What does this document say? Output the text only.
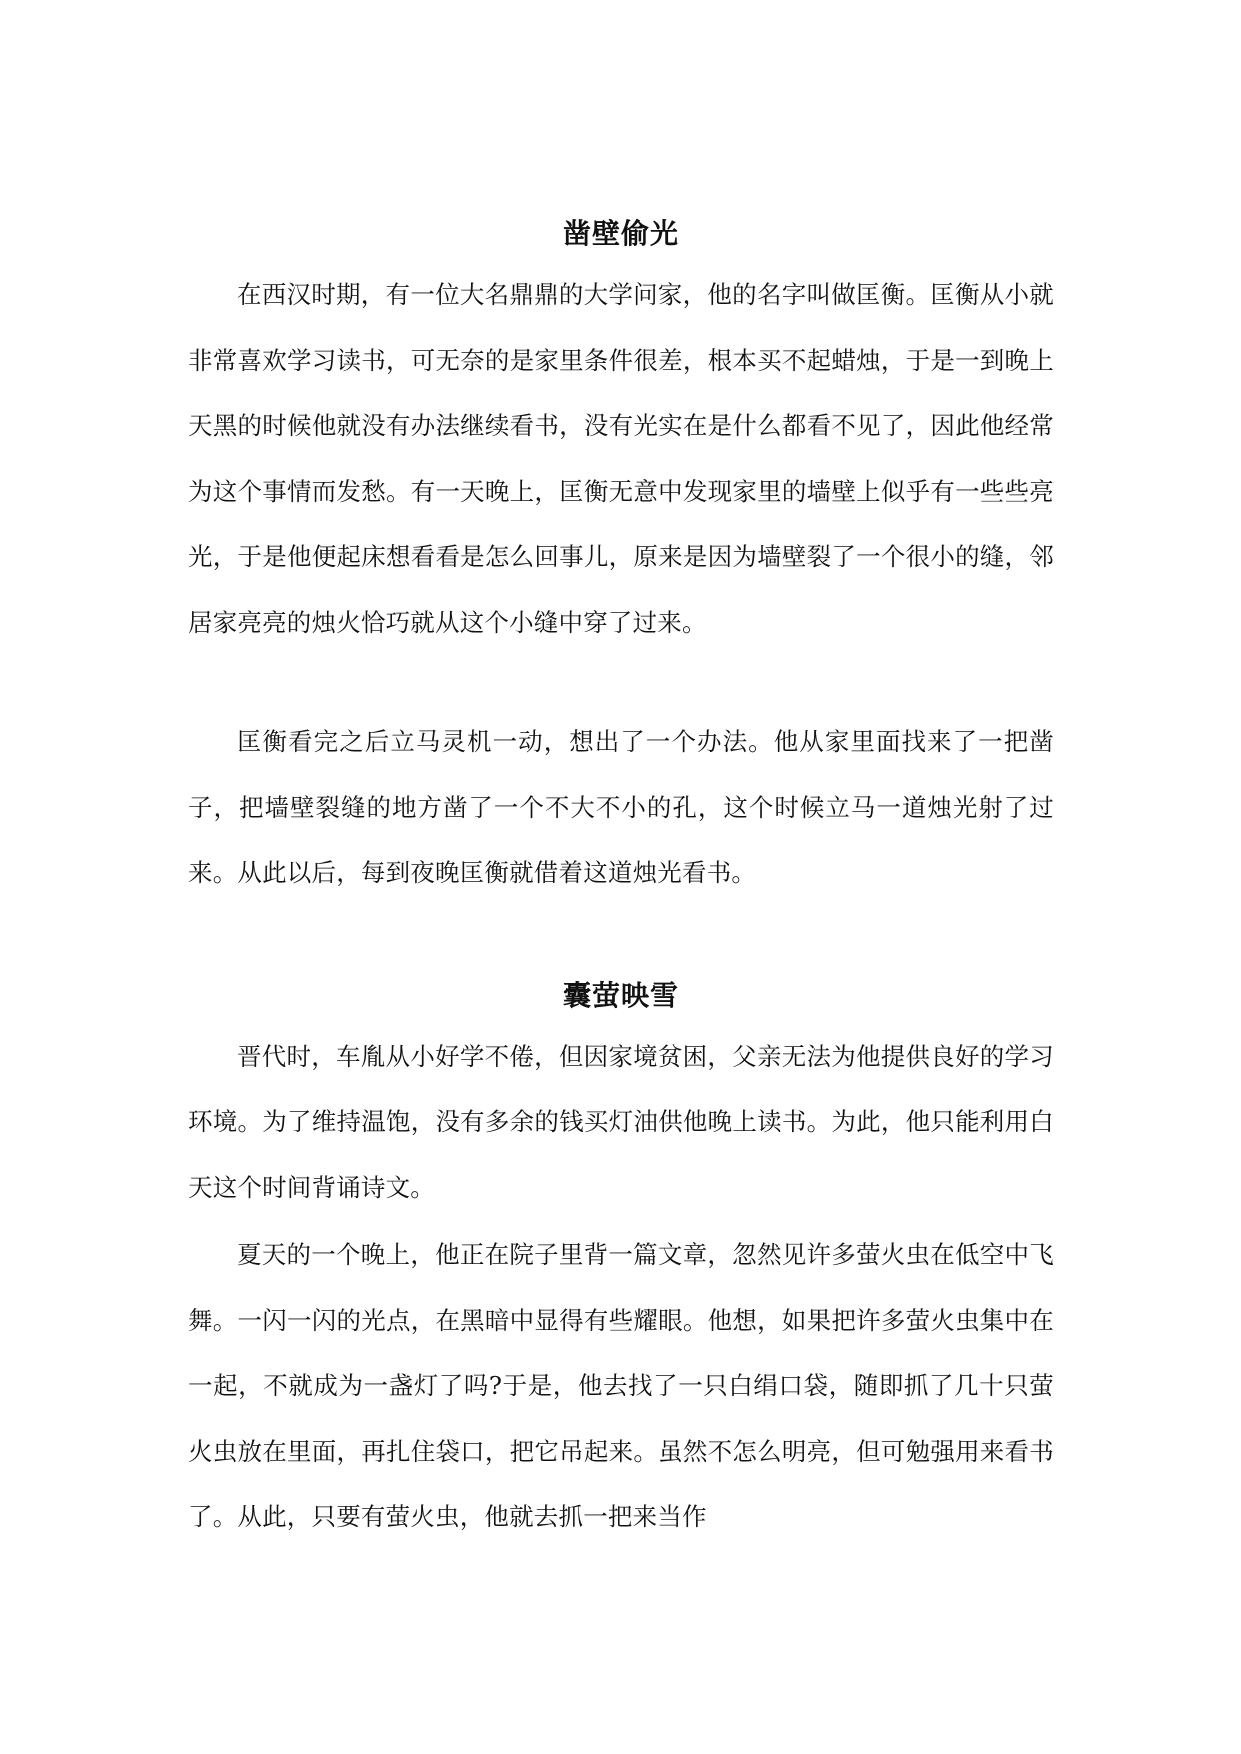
凿壁偷光

在西汉时期，有一位大名鼎鼎的大学问家，他的名字叫做匡衡。匡衡从小就非常喜欢学习读书，可无奈的是家里条件很差，根本买不起蜡烛，于是一到晚上天黑的时候他就没有办法继续看书，没有光实在是什么都看不见了，因此他经常为这个事情而发愁。有一天晚上，匡衡无意中发现家里的墙壁上似乎有一些些亮光，于是他便起床想看看是怎么回事儿，原来是因为墙壁裂了一个很小的缝，邻居家亮亮的烛火恰巧就从这个小缝中穿了过来。

匡衡看完之后立马灵机一动，想出了一个办法。他从家里面找来了一把凿子，把墙壁裂缝的地方凿了一个不大不小的孔，这个时候立马一道烛光射了过来。从此以后，每到夜晚匡衡就借着这道烛光看书。

囊萤映雪

晋代时，车胤从小好学不倦，但因家境贫困，父亲无法为他提供良好的学习环境。为了维持温饱，没有多余的钱买灯油供他晚上读书。为此，他只能利用白天这个时间背诵诗文。

夏天的一个晚上，他正在院子里背一篇文章，忽然见许多萤火虫在低空中飞舞。一闪一闪的光点，在黑暗中显得有些耀眼。他想，如果把许多萤火虫集中在一起，不就成为一盏灯了吗?于是，他去找了一只白绢口袋，随即抓了几十只萤火虫放在里面，再扎住袋口，把它吊起来。虽然不怎么明亮，但可勉强用来看书了。从此，只要有萤火虫，他就去抓一把来当作
